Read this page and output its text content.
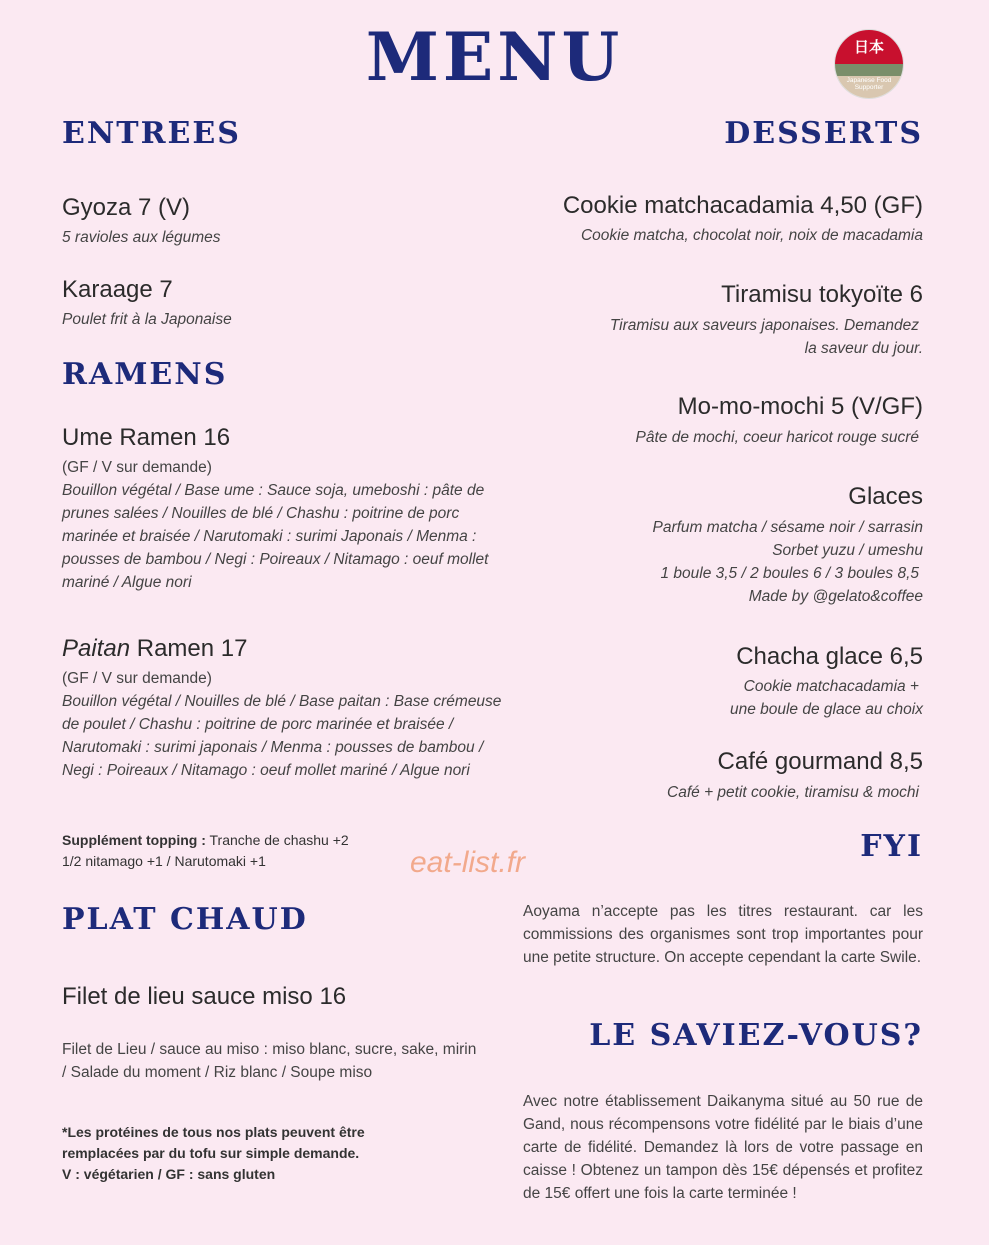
MENU	日本
Japanese Food Supporter
ENTREES
Gyoza 7 (V)
5 ravioles aux légumes
Karaage 7
Poulet frit à la Japonaise
RAMENS
Ume Ramen 16
(GF / V sur demande)
Bouillon végétal / Base ume : Sauce soja, umeboshi : pâte de prunes salées / Nouilles de blé / Chashu : poitrine de porc marinée et braisée / Narutomaki : surimi Japonais / Menma : pousses de bambou / Negi : Poireaux / Nitamago : oeuf mollet mariné / Algue nori
Paitan Ramen 17
(GF / V sur demande)
Bouillon végétal / Nouilles de blé / Base paitan : Base crémeuse de poulet / Chashu : poitrine de porc marinée et braisée / Narutomaki : surimi japonais / Menma : pousses de bambou / Negi : Poireaux / Nitamago : oeuf mollet mariné / Algue nori
Supplément topping : Tranche de chashu +2
1/2 nitamago +1 / Narutomaki +1
PLAT CHAUD
Filet de lieu sauce miso 16
Filet de Lieu / sauce au miso : miso blanc, sucre, sake, mirin / Salade du moment / Riz blanc / Soupe miso
*Les protéines de tous nos plats peuvent être
remplacées par du tofu sur simple demande.
V : végétarien / GF : sans gluten
DESSERTS
Cookie matchacadamia 4,50 (GF)
Cookie matcha, chocolat noir, noix de macadamia
Tiramisu tokyoïte 6
Tiramisu aux saveurs japonaises. Demandez
la saveur du jour.
Mo-mo-mochi 5 (V/GF)
Pâte de mochi, coeur haricot rouge sucré
Glaces
Parfum matcha / sésame noir / sarrasin
Sorbet yuzu / umeshu
1 boule 3,5 / 2 boules 6 / 3 boules 8,5
Made by @gelato&coffee
Chacha glace 6,5
Cookie matchacadamia +
une boule de glace au choix
Café gourmand 8,5
Café + petit cookie, tiramisu & mochi
FYI
Aoyama n’accepte pas les titres restaurant. car les commissions des organismes sont trop importantes pour une petite structure. On accepte cependant la carte Swile.
LE SAVIEZ-VOUS?
Avec notre établissement Daikanyma situé au 50 rue de Gand, nous récompensons votre fidélité par le biais d’une carte de fidélité. Demandez là lors de votre passage en caisse ! Obtenez un tampon dès 15€ dépensés et profitez de 15€ offert une fois la carte terminée !
eat-list.fr
